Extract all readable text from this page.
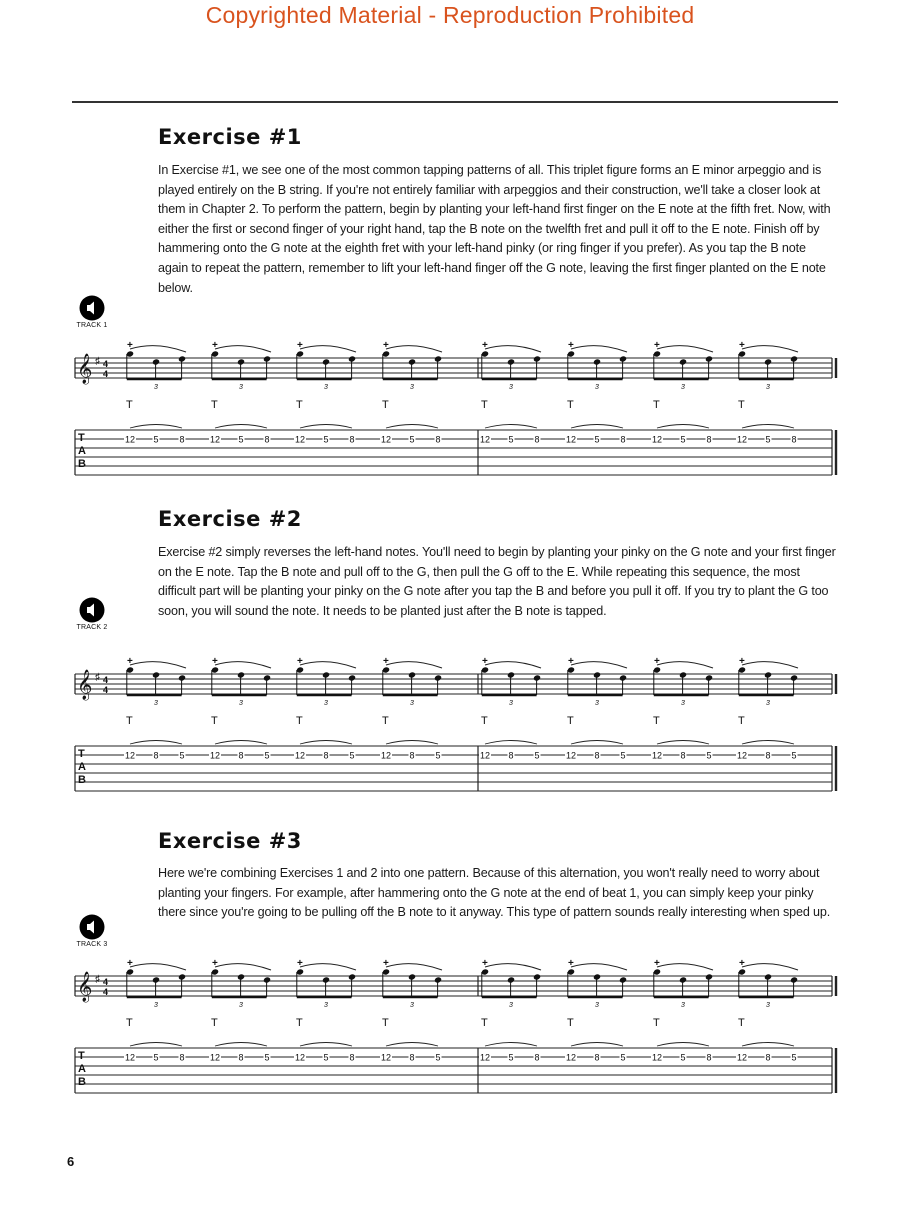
Copyrighted Material - Reproduction Prohibited
Exercise #1

In Exercise #1, we see one of the most common tapping patterns of all. This triplet figure forms an E minor arpeggio and is played entirely on the B string. If you're not entirely familiar with arpeggios and their construction, we'll take a closer look at them in Chapter 2. To perform the pattern, begin by planting your left-hand first finger on the E note at the fifth fret. Now, with either the first or second finger of your right hand, tap the B note on the twelfth fret and pull it off to the E note. Finish off by hammering onto the G note at the eighth fret with your left-hand pinky (or ring finger if you prefer). As you tap the B note again to repeat the pattern, remember to lift your left-hand finger off the G note, leaving the first finger planted on the E note below.

TRACK 1
𝄞 ♯ 4
4
T
A
B
+
3
T
12 5 8
+
3
T
12 5 8
+
3
T
12 5 8
+
3
T
12 5 8
+
3
T
12 5 8
+
3
T
12 5 8
+
3
T
12 5 8
+
3
T
12 5 8
Exercise #2

Exercise #2 simply reverses the left-hand notes. You'll need to begin by planting your pinky on the G note and your first finger on the E note. Tap the B note and pull off to the G, then pull the G off to the E. While repeating this sequence, the most difficult part will be planting your pinky on the G note after you tap the B and before you pull it off. If you try to plant the G too soon, you will sound the note. It needs to be planted just after the B note is tapped.

TRACK 2
𝄞 ♯ 4
4
T
A
B
+
3
T
12 8 5
+
3
T
12 8 5
+
3
T
12 8 5
+
3
T
12 8 5
+
3
T
12 8 5
+
3
T
12 8 5
+
3
T
12 8 5
+
3
T
12 8 5
Exercise #3

Here we're combining Exercises 1 and 2 into one pattern. Because of this alternation, you won't really need to worry about planting your fingers. For example, after hammering onto the G note at the end of beat 1, you can simply keep your pinky there since you're going to be pulling off the B note to it anyway. This type of pattern sounds really interesting when sped up.

TRACK 3
𝄞 ♯ 4
4
T
A
B
+
3
T
12 5 8
+
3
T
12 8 5
+
3
T
12 5 8
+
3
T
12 8 5
+
3
T
12 5 8
+
3
T
12 8 5
+
3
T
12 5 8
+
3
T
12 8 5
6
